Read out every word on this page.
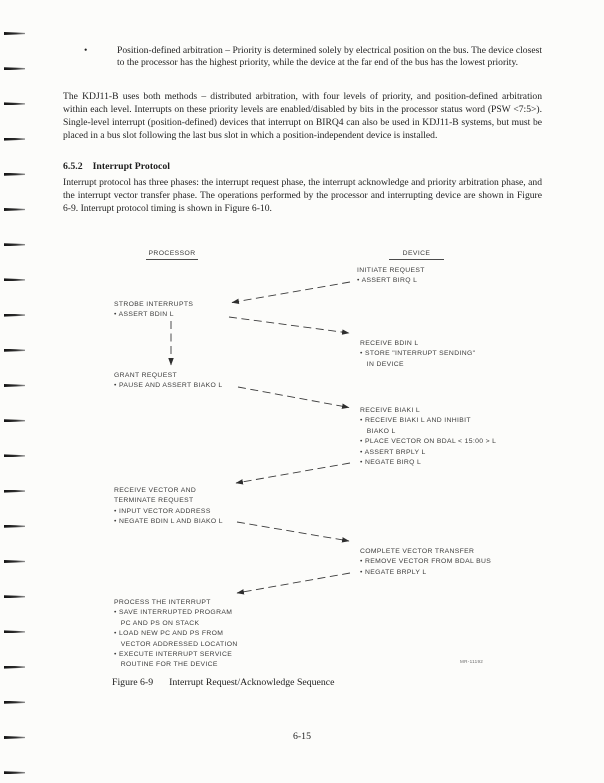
•	Position-defined arbitration – Priority is determined solely by electrical position on the bus. The device closest to the processor has the highest priority, while the device at the far end of the bus has the lowest priority.

The KDJ11-B uses both methods – distributed arbitration, with four levels of priority, and position-defined arbitration within each level. Interrupts on these priority levels are enabled/disabled by bits in the processor status word (PSW <7:5>). Single-level interrupt (position-defined) devices that interrupt on BIRQ4 can also be used in KDJ11-B systems, but must be placed in a bus slot following the last bus slot in which a position-independent device is installed.

6.5.2 Interrupt Protocol

Interrupt protocol has three phases: the interrupt request phase, the interrupt acknowledge and priority arbitration phase, and the interrupt vector transfer phase. The operations performed by the processor and interrupting device are shown in Figure 6-9. Interrupt protocol timing is shown in Figure 6-10.

PROCESSOR	DEVICE
STROBE INTERRUPTS
• ASSERT BDIN L
GRANT REQUEST
• PAUSE AND ASSERT BIAKO L
RECEIVE VECTOR AND
TERMINATE REQUEST
• INPUT VECTOR ADDRESS
• NEGATE BDIN L AND BIAKO L
PROCESS THE INTERRUPT
• SAVE INTERRUPTED PROGRAM
PC AND PS ON STACK
• LOAD NEW PC AND PS FROM
VECTOR ADDRESSED LOCATION
• EXECUTE INTERRUPT SERVICE
ROUTINE FOR THE DEVICE
INITIATE REQUEST
• ASSERT BIRQ L
RECEIVE BDIN L
• STORE "INTERRUPT SENDING"
IN DEVICE
RECEIVE BIAKI L
• RECEIVE BIAKI L AND INHIBIT
BIAKO L
• PLACE VECTOR ON BDAL < 15:00 > L
• ASSERT BRPLY L
• NEGATE BIRQ L
COMPLETE VECTOR TRANSFER
• REMOVE VECTOR FROM BDAL BUS
• NEGATE BRPLY L
MR-11192
Figure 6-9 Interrupt Request/Acknowledge Sequence
6-15
